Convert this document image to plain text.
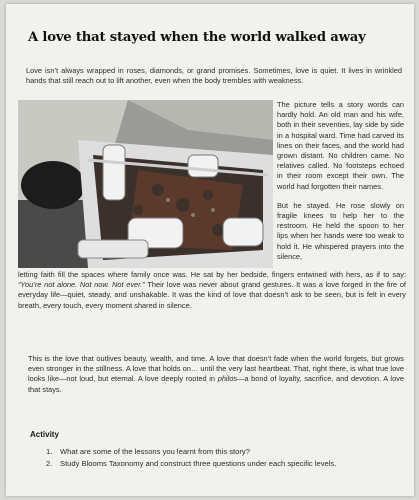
A love that stayed when the world walked away
Love isn’t always wrapped in roses, diamonds, or grand promises. Sometimes, love is quiet. It lives in wrinkled hands that still reach out to lift another, even when the body trembles with weakness.

The picture tells a story words can hardly hold. An old man and his wife, both in their seventies, lay side by side in a hospital ward. Time had carved its lines on their faces, and the world had grown distant. No children came. No relatives called. No footsteps echoed in their room except their own. The world had forgotten their names.

But he stayed. He rose slowly on fragile knees to help her to the restroom. He held the spoon to her lips when her hands were too weak to hold it. He whispered prayers into the silence,

letting faith fill the spaces where family once was. He sat by her bedside, fingers entwined with hers, as if to say: “You’re not alone. Not now. Not ever.” Their love was never about grand gestures. It was a love forged in the fire of everyday life—quiet, steady, and unshakable. It was the kind of love that doesn’t ask to be seen, but is felt in every breath, every touch, every moment shared in silence.

This is the love that outlives beauty, wealth, and time. A love that doesn’t fade when the world forgets, but grows even stronger in the stillness. A love that holds on… until the very last heartbeat. That, right there, is what true love looks like—not loud, but eternal. A love deeply rooted in philos—a bond of loyalty, sacrifice, and devotion. A love that stays.
Activity
1.	What are some of the lessons you learnt from this story?
2.	Study Blooms Taxonomy and construct three questions under each specific levels.
